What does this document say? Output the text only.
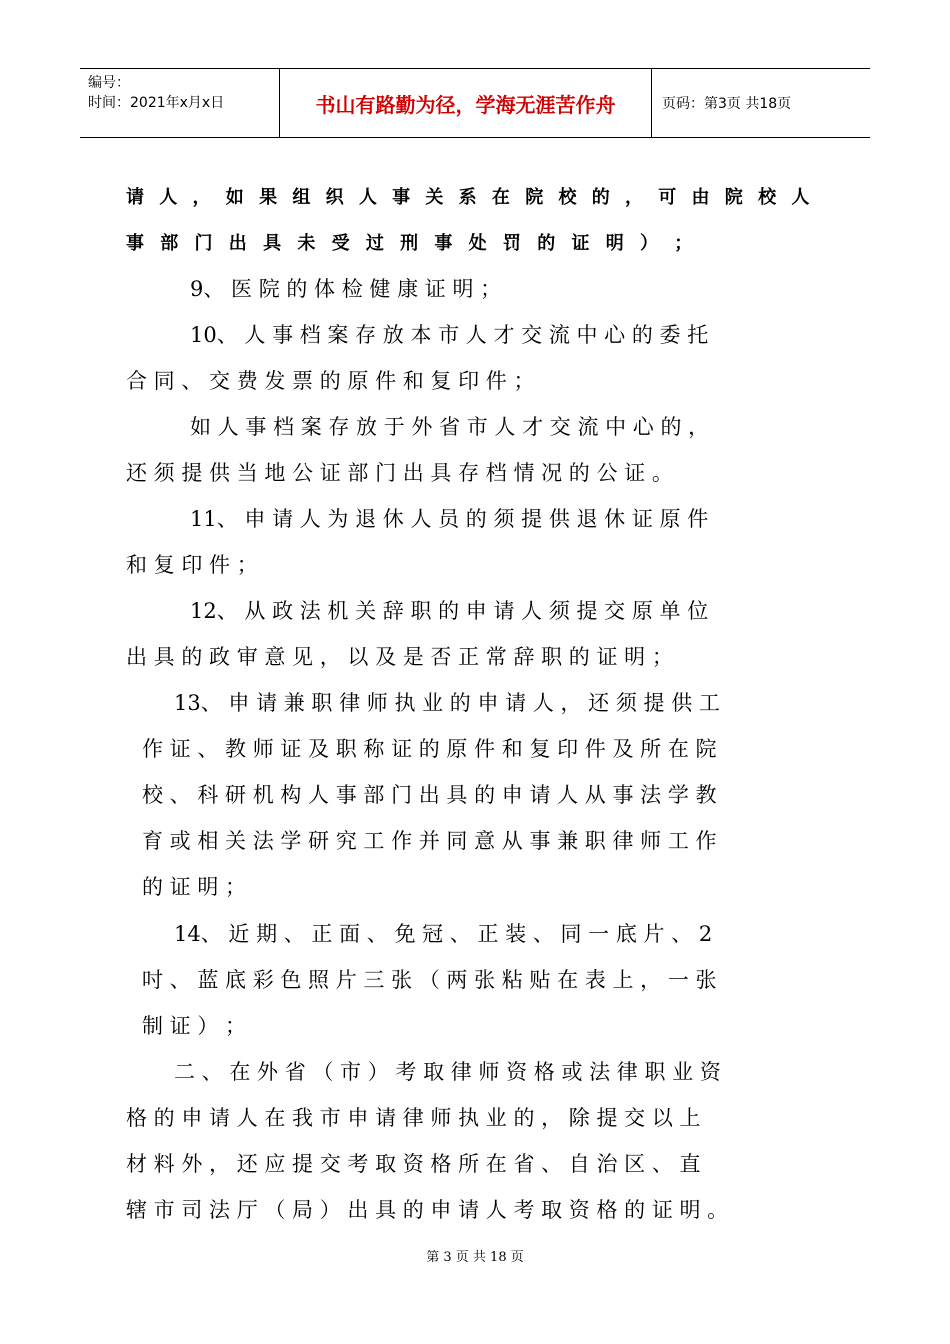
编号：
时间：2021年x月x日	书山有路勤为径，学海无涯苦作舟	页码：第3页 共18页
请 人 ， 如 果 组 织 人 事 关 系 在 院 校 的 ， 可 由 院 校 人
事 部 门 出 具 未 受 过 刑 事 处 罚 的 证 明 ） ；
9、 医 院 的 体 检 健 康 证 明 ；
10、 人 事 档 案 存 放 本 市 人 才 交 流 中 心 的 委 托
合 同 、 交 费 发 票 的 原 件 和 复 印 件 ；
如 人 事 档 案 存 放 于 外 省 市 人 才 交 流 中 心 的 ，
还 须 提 供 当 地 公 证 部 门 出 具 存 档 情 况 的 公 证 。
11、 申 请 人 为 退 休 人 员 的 须 提 供 退 休 证 原 件
和 复 印 件 ；
12、 从 政 法 机 关 辞 职 的 申 请 人 须 提 交 原 单 位
出 具 的 政 审 意 见 ， 以 及 是 否 正 常 辞 职 的 证 明 ；
13、 申 请 兼 职 律 师 执 业 的 申 请 人 ， 还 须 提 供 工
作 证 、 教 师 证 及 职 称 证 的 原 件 和 复 印 件 及 所 在 院
校 、 科 研 机 构 人 事 部 门 出 具 的 申 请 人 从 事 法 学 教
育 或 相 关 法 学 研 究 工 作 并 同 意 从 事 兼 职 律 师 工 作
的 证 明 ；
14、 近 期 、 正 面 、 免 冠 、 正 装 、 同 一 底 片 、 2
吋 、 蓝 底 彩 色 照 片 三 张 （ 两 张 粘 贴 在 表 上 ， 一 张
制 证 ） ；
二 、 在 外 省 （ 市 ） 考 取 律 师 资 格 或 法 律 职 业 资
格 的 申 请 人 在 我 市 申 请 律 师 执 业 的 ， 除 提 交 以 上
材 料 外 ， 还 应 提 交 考 取 资 格 所 在 省 、 自 治 区 、 直
辖 市 司 法 厅 （ 局 ） 出 具 的 申 请 人 考 取 资 格 的 证 明 。
第 3 页 共 18 页
